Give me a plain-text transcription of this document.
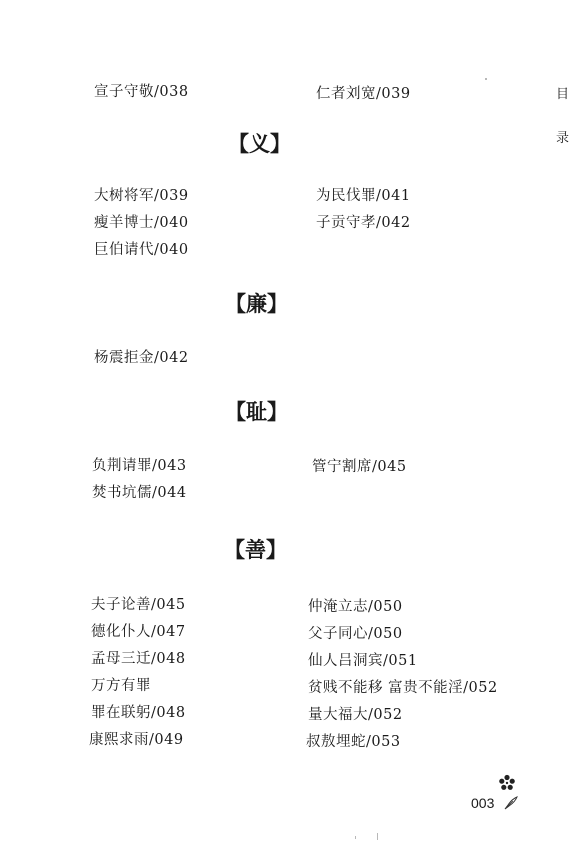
目
录
宣子守敬/038	仁者刘宽/039
【义】
大树将军/039
瘦羊博士/040
巨伯请代/040
为民伐罪/041
子贡守孝/042
【廉】
杨震拒金/042
【耻】
负荆请罪/043
焚书坑儒/044
管宁割席/045
【善】
夫子论善/045
德化仆人/047
孟母三迁/048
万方有罪
罪在联躬/048
康熙求雨/049
仲淹立志/050
父子同心/050
仙人吕洞宾/051
贫贱不能移 富贵不能淫/052
量大福大/052
叔敖埋蛇/053
003
